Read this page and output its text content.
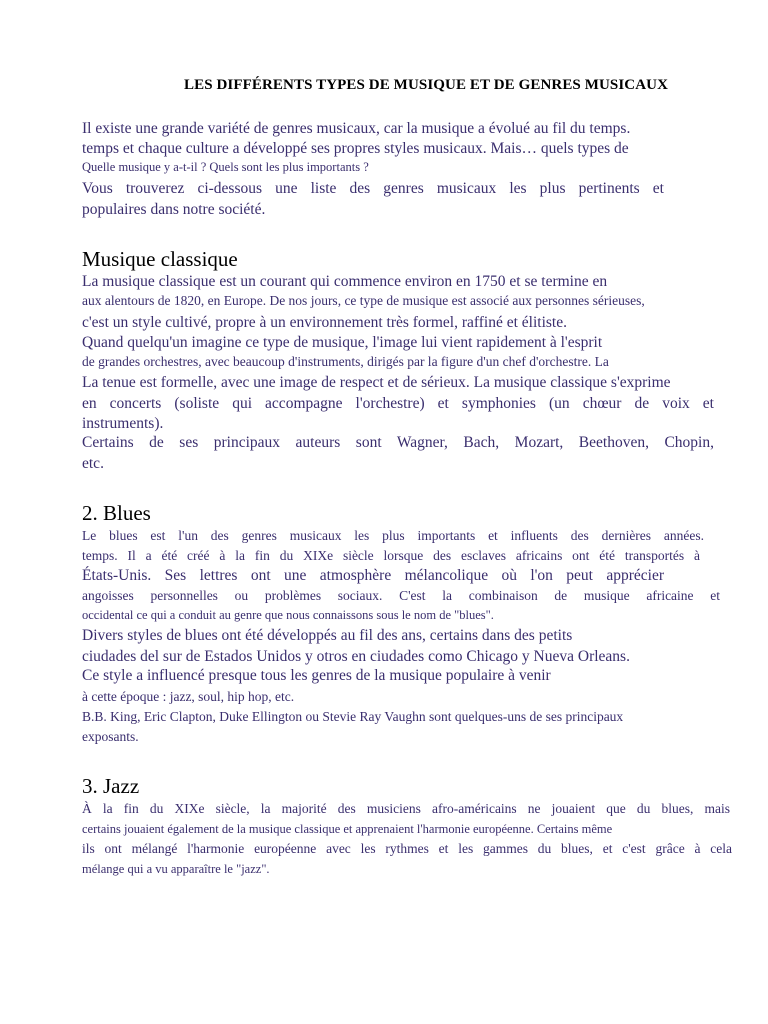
LES DIFFÉRENTS TYPES DE MUSIQUE ET DE GENRES MUSICAUX
Il existe une grande variété de genres musicaux, car la musique a évolué au fil du temps.
temps et chaque culture a développé ses propres styles musicaux. Mais… quels types de
Quelle musique y a-t-il ? Quels sont les plus importants ?
Vous trouverez ci-dessous une liste des genres musicaux les plus pertinents et
populaires dans notre société.
Musique classique
La musique classique est un courant qui commence environ en 1750 et se termine en
aux alentours de 1820, en Europe. De nos jours, ce type de musique est associé aux personnes sérieuses,
c'est un style cultivé, propre à un environnement très formel, raffiné et élitiste.
Quand quelqu'un imagine ce type de musique, l'image lui vient rapidement à l'esprit
de grandes orchestres, avec beaucoup d'instruments, dirigés par la figure d'un chef d'orchestre. La
La tenue est formelle, avec une image de respect et de sérieux. La musique classique s'exprime
en concerts (soliste qui accompagne l'orchestre) et symphonies (un chœur de voix et
instruments).
Certains de ses principaux auteurs sont Wagner, Bach, Mozart, Beethoven, Chopin,
etc.
2. Blues
Le blues est l'un des genres musicaux les plus importants et influents des dernières années.
temps. Il a été créé à la fin du XIXe siècle lorsque des esclaves africains ont été transportés à
États-Unis. Ses lettres ont une atmosphère mélancolique où l'on peut apprécier
angoisses personnelles ou problèmes sociaux. C'est la combinaison de musique africaine et
occidental ce qui a conduit au genre que nous connaissons sous le nom de "blues".
Divers styles de blues ont été développés au fil des ans, certains dans des petits
ciudades del sur de Estados Unidos y otros en ciudades como Chicago y Nueva Orleans.
Ce style a influencé presque tous les genres de la musique populaire à venir
à cette époque : jazz, soul, hip hop, etc.
B.B. King, Eric Clapton, Duke Ellington ou Stevie Ray Vaughn sont quelques-uns de ses principaux
exposants.
3. Jazz
À la fin du XIXe siècle, la majorité des musiciens afro-américains ne jouaient que du blues, mais
certains jouaient également de la musique classique et apprenaient l'harmonie européenne. Certains même
ils ont mélangé l'harmonie européenne avec les rythmes et les gammes du blues, et c'est grâce à cela
mélange qui a vu apparaître le "jazz".
